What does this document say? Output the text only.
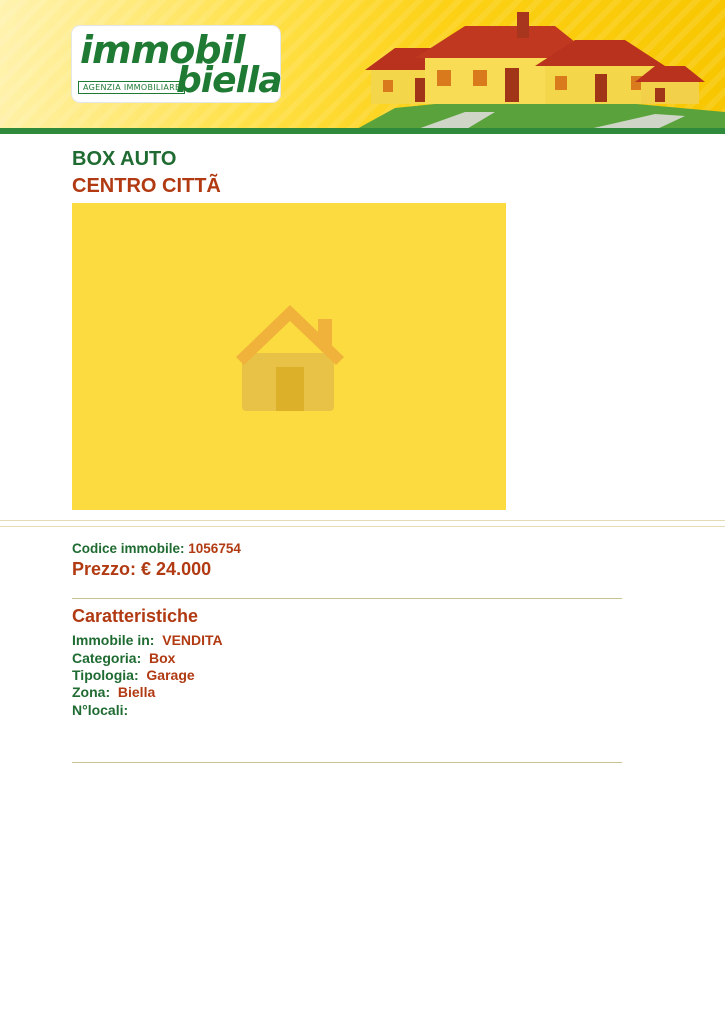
immobil
biella
AGENZIA IMMOBILIARE
BOX AUTO
CENTRO CITTÃ
Codice immobile: 1056754
Prezzo: € 24.000
Caratteristiche
Immobile in: VENDITA
Categoria: Box
Tipologia: Garage
Zona: Biella
N°locali:
